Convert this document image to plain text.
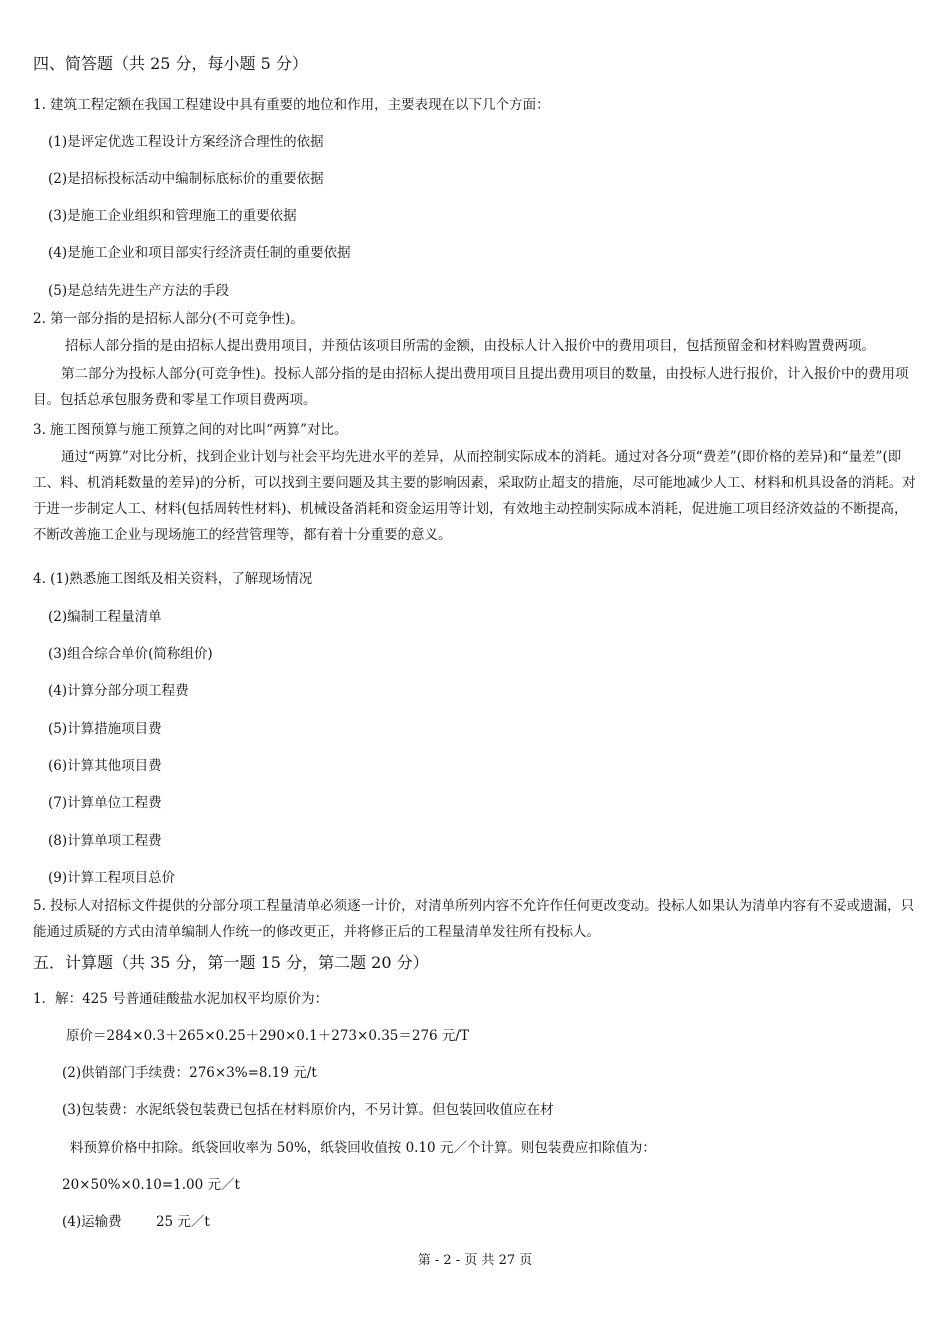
四、简答题（共 25 分，每小题 5 分）
1. 建筑工程定额在我国工程建设中具有重要的地位和作用，主要表现在以下几个方面：
(1)是评定优选工程设计方案经济合理性的依据
(2)是招标投标活动中编制标底标价的重要依据
(3)是施工企业组织和管理施工的重要依据
(4)是施工企业和项目部实行经济责任制的重要依据
(5)是总结先进生产方法的手段
2. 第一部分指的是招标人部分(不可竞争性)。
招标人部分指的是由招标人提出费用项目，并预估该项目所需的金额，由投标人计入报价中的费用项目，包括预留金和材料购置费两项。
第二部分为投标人部分(可竞争性)。投标人部分指的是由招标人提出费用项目且提出费用项目的数量，由投标人进行报价，计入报价中的费用项目。包括总承包服务费和零星工作项目费两项。
3. 施工图预算与施工预算之间的对比叫“两算”对比。
通过“两算”对比分析，找到企业计划与社会平均先进水平的差异，从而控制实际成本的消耗。通过对各分项“费差”(即价格的差异)和“量差”(即工、料、机消耗数量的差异)的分析，可以找到主要问题及其主要的影响因素，采取防止超支的措施，尽可能地减少人工、材料和机具设备的消耗。对于进一步制定人工、材料(包括周转性材料)、机械设备消耗和资金运用等计划，有效地主动控制实际成本消耗，促进施工项目经济效益的不断提高，不断改善施工企业与现场施工的经营管理等，都有着十分重要的意义。
4. (1)熟悉施工图纸及相关资料，了解现场情况
(2)编制工程量清单
(3)组合综合单价(简称组价)
(4)计算分部分项工程费
(5)计算措施项目费
(6)计算其他项目费
(7)计算单位工程费
(8)计算单项工程费
(9)计算工程项目总价
5. 投标人对招标文件提供的分部分项工程量清单必须逐一计价，对清单所列内容不允许作任何更改变动。投标人如果认为清单内容有不妥或遗漏，只能通过质疑的方式由清单编制人作统一的修改更正，并将修正后的工程量清单发往所有投标人。
五．计算题（共 35 分，第一题 15 分，第二题 20 分）
1．解：425 号普通硅酸盐水泥加权平均原价为：
原价＝284×0.3＋265×0.25＋290×0.1＋273×0.35＝276 元/T
(2)供销部门手续费：276×3%=8.19 元/t
(3)包装费：水泥纸袋包装费已包括在材料原价内，不另计算。但包装回收值应在材
料预算价格中扣除。纸袋回收率为 50%，纸袋回收值按 0.10 元／个计算。则包装费应扣除值为：
20×50%×0.10=1.00 元／t
(4)运输费        25 元／t
第 - 2 - 页 共 27 页
